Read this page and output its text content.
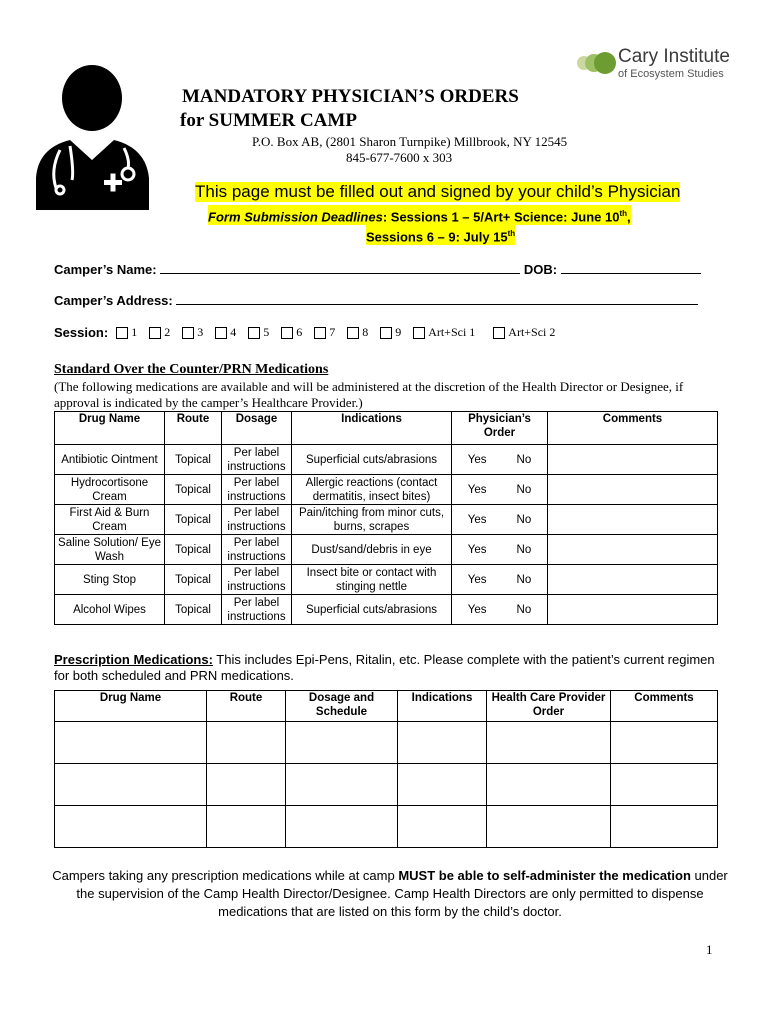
Cary Institute
of Ecosystem Studies
MANDATORY PHYSICIAN’S ORDERS
for SUMMER CAMP
P.O. Box AB, (2801 Sharon Turnpike) Millbrook, NY 12545
845-677-7600 x 303
This page must be filled out and signed by your child’s Physician
Form Submission Deadlines: Sessions 1 – 5/Art+ Science: June 10th,
Sessions 6 – 9: July 15th
Camper’s Name:	DOB:
Camper’s Address:
Session: 1 2 3 4 5 6 7 8 9 Art+Sci 1	Art+Sci 2
Standard Over the Counter/PRN Medications
(The following medications are available and will be administered at the discretion of the Health Director or Designee, if approval is indicated by the camper’s Healthcare Provider.)
Drug Name	Route	Dosage	Indications	Physician’s Order	Comments
Antibiotic Ointment	Topical	Per label instructions	Superficial cuts/abrasions	Yes No	
Hydrocortisone Cream	Topical	Per label instructions	Allergic reactions (contact dermatitis, insect bites)	Yes No	
First Aid & Burn Cream	Topical	Per label instructions	Pain/itching from minor cuts, burns, scrapes	Yes No	
Saline Solution/ Eye Wash	Topical	Per label instructions	Dust/sand/debris in eye	Yes No	
Sting Stop	Topical	Per label instructions	Insect bite or contact with stinging nettle	Yes No	
Alcohol Wipes	Topical	Per label instructions	Superficial cuts/abrasions	Yes No	
Prescription Medications: This includes Epi-Pens, Ritalin, etc. Please complete with the patient’s current regimen for both scheduled and PRN medications.
Drug Name	Route	Dosage and Schedule	Indications	Health Care Provider Order	Comments

Campers taking any prescription medications while at camp MUST be able to self-administer the medication under the supervision of the Camp Health Director/Designee. Camp Health Directors are only permitted to dispense medications that are listed on this form by the child’s doctor.
1
